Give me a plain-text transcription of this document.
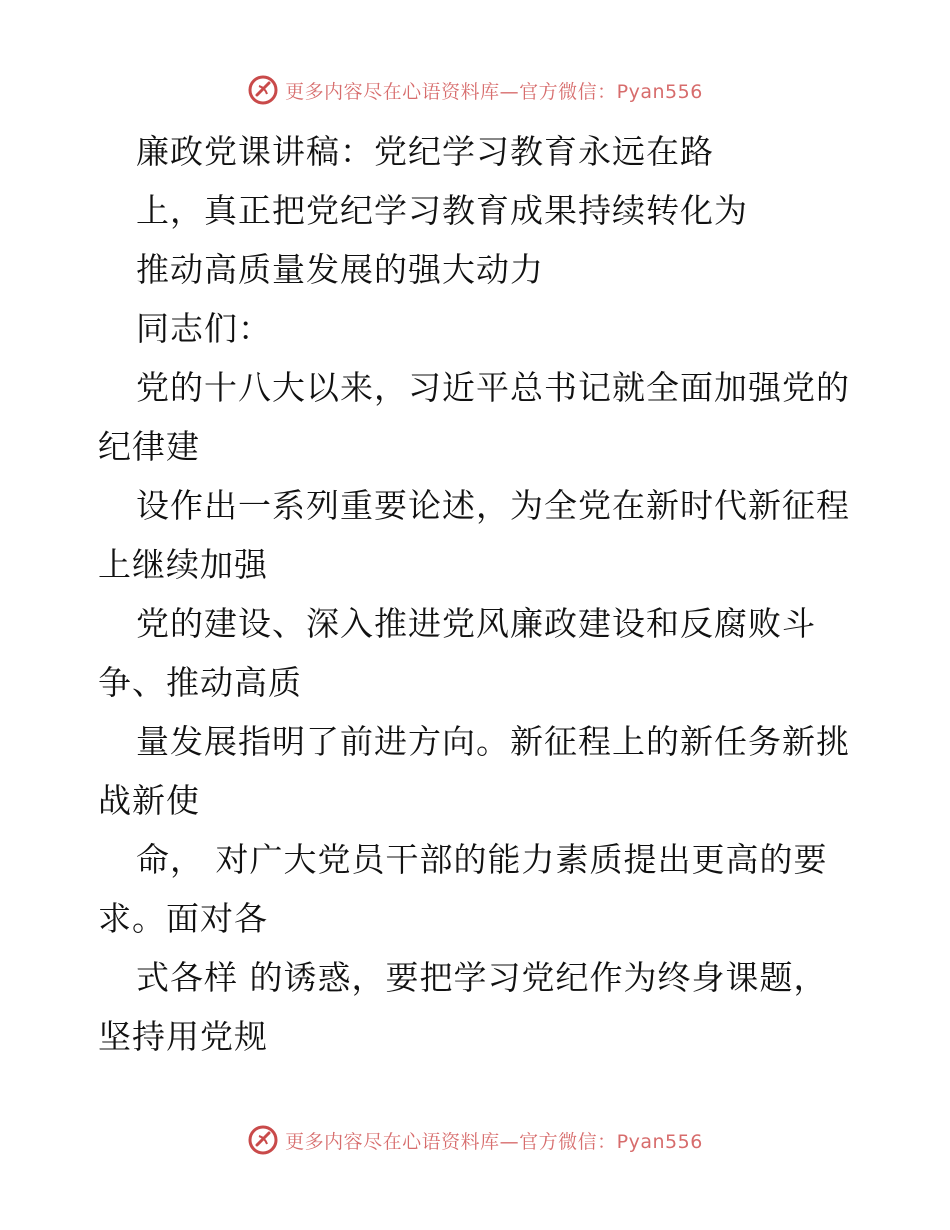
更多内容尽在心语资料库—官方微信：Pyan556
廉政党课讲稿：党纪学习教育永远在路
上，真正把党纪学习教育成果持续转化为
推动高质量发展的强大动力
同志们：
党的十八大以来，习近平总书记就全面加强党的
纪律建
设作出一系列重要论述，为全党在新时代新征程
上继续加强
党的建设、深入推进党风廉政建设和反腐败斗
争、推动高质
量发展指明了前进方向。新征程上的新任务新挑
战新使
命， 对广大党员干部的能力素质提出更高的要
求。面对各
式各样 的诱惑，要把学习党纪作为终身课题，
坚持用党规
更多内容尽在心语资料库—官方微信：Pyan556
